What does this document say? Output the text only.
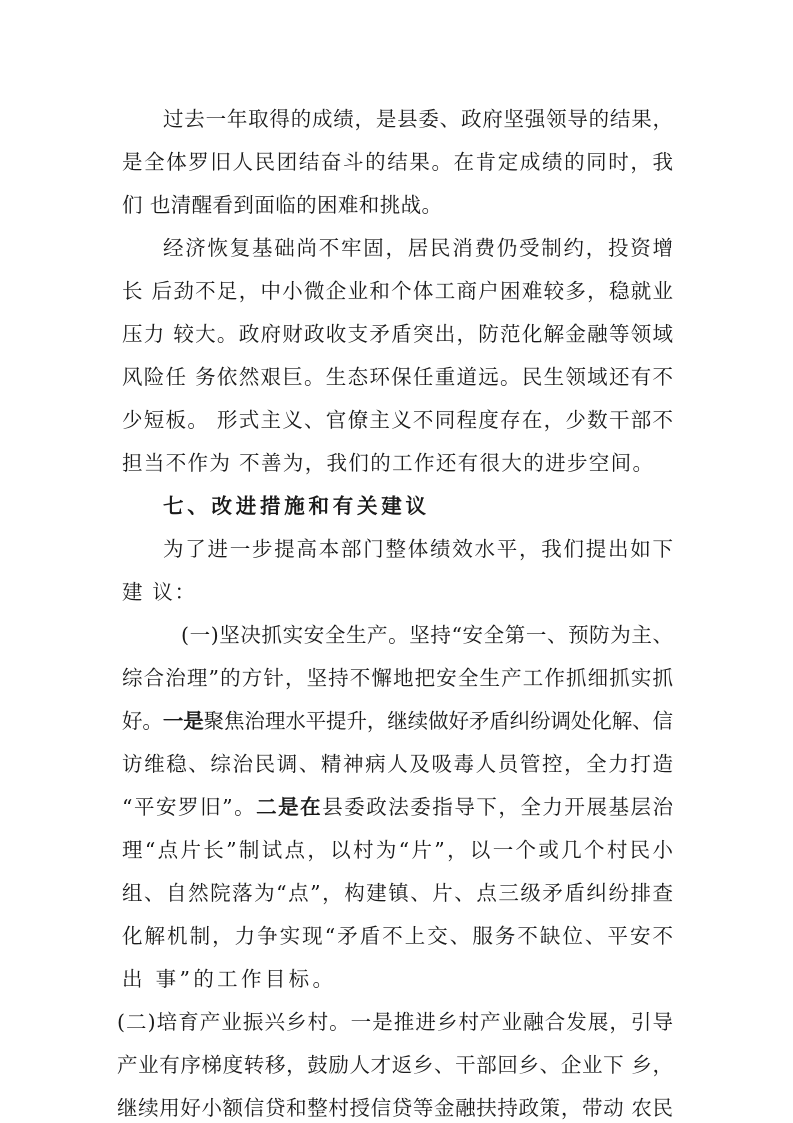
过去一年取得的成绩，是县委、政府坚强领导的结果，
是全体罗旧人民团结奋斗的结果。在肯定成绩的同时，我
们 也清醒看到面临的困难和挑战。
经济恢复基础尚不牢固，居民消费仍受制约，投资增
长 后劲不足，中小微企业和个体工商户困难较多，稳就业
压力 较大。政府财政收支矛盾突出，防范化解金融等领域
风险任 务依然艰巨。生态环保任重道远。民生领域还有不
少短板。 形式主义、官僚主义不同程度存在，少数干部不
担当不作为 不善为，我们的工作还有很大的进步空间。
七、改进措施和有关建议
为了进一步提高本部门整体绩效水平，我们提出如下
建 议：
(一)坚决抓实安全生产。坚持“安全第一、预防为主、
综合治理”的方针，坚持不懈地把安全生产工作抓细抓实抓
好。一是聚焦治理水平提升，继续做好矛盾纠纷调处化解、信
访维稳、综治民调、精神病人及吸毒人员管控，全力打造
“平安罗旧”。二是在县委政法委指导下，全力开展基层治
理“点片长”制试点，以村为“片”，以一个或几个村民小
组、自然院落为“点”，构建镇、片、点三级矛盾纠纷排查
化解机制，力争实现“矛盾不上交、服务不缺位、平安不
出 事”的工作目标。
(二)培育产业振兴乡村。一是推进乡村产业融合发展，引导
产业有序梯度转移，鼓励人才返乡、干部回乡、企业下 乡，
继续用好小额信贷和整村授信贷等金融扶持政策，带动 农民
